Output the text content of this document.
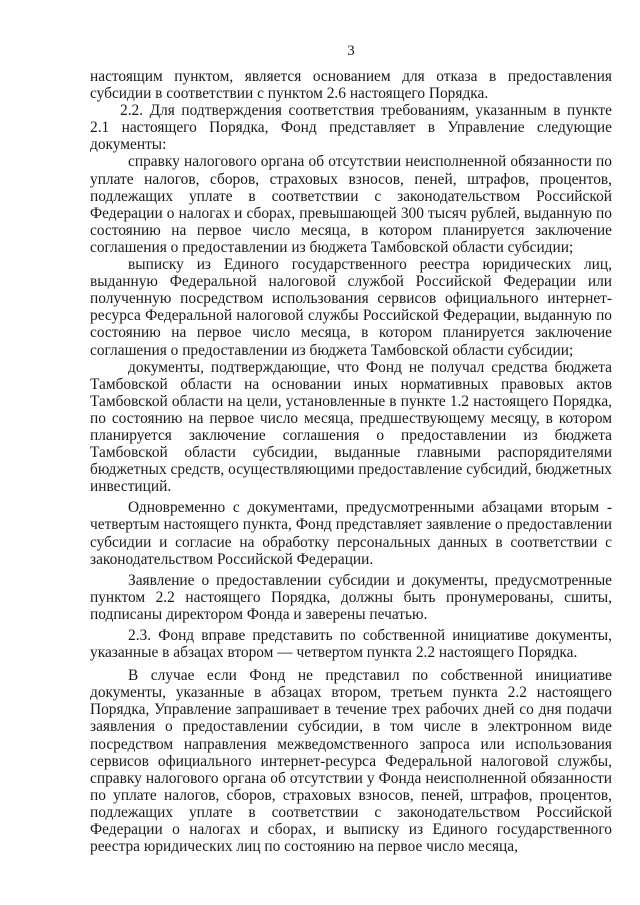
3

настоящим пунктом, является основанием для отказа в предоставления субсидии в соответствии с пунктом 2.6 настоящего Порядка.

2.2. Для подтверждения соответствия требованиям, указанным в пункте 2.1 настоящего Порядка, Фонд представляет в Управление следующие документы:

справку налогового органа об отсутствии неисполненной обязанности по уплате налогов, сборов, страховых взносов, пеней, штрафов, процентов, подлежащих уплате в соответствии с законодательством Российской Федерации о налогах и сборах, превышающей 300 тысяч рублей, выданную по состоянию на первое число месяца, в котором планируется заключение соглашения о предоставлении из бюджета Тамбовской области субсидии;

выписку из Единого государственного реестра юридических лиц, выданную Федеральной налоговой службой Российской Федерации или полученную посредством использования сервисов официального интернет-ресурса Федеральной налоговой службы Российской Федерации, выданную по состоянию на первое число месяца, в котором планируется заключение соглашения о предоставлении из бюджета Тамбовской области субсидии;

документы, подтверждающие, что Фонд не получал средства бюджета Тамбовской области на основании иных нормативных правовых актов Тамбовской области на цели, установленные в пункте 1.2 настоящего Порядка, по состоянию на первое число месяца, предшествующему месяцу, в котором планируется заключение соглашения о предоставлении из бюджета Тамбовской области субсидии, выданные главными распорядителями бюджетных средств, осуществляющими предоставление субсидий, бюджетных инвестиций.

Одновременно с документами, предусмотренными абзацами вторым - четвертым настоящего пункта, Фонд представляет заявление о предоставлении субсидии и согласие на обработку персональных данных в соответствии с законодательством Российской Федерации.

Заявление о предоставлении субсидии и документы, предусмотренные пунктом 2.2 настоящего Порядка, должны быть пронумерованы, сшиты, подписаны директором Фонда и заверены печатью.

2.3. Фонд вправе представить по собственной инициативе документы, указанные в абзацах втором — четвертом пункта 2.2 настоящего Порядка.

В случае если Фонд не представил по собственной инициативе документы, указанные в абзацах втором, третьем пункта 2.2 настоящего Порядка, Управление запрашивает в течение трех рабочих дней со дня подачи заявления о предоставлении субсидии, в том числе в электронном виде посредством направления межведомственного запроса или использования сервисов официального интернет-ресурса Федеральной налоговой службы, справку налогового органа об отсутствии у Фонда неисполненной обязанности по уплате налогов, сборов, страховых взносов, пеней, штрафов, процентов, подлежащих уплате в соответствии с законодательством Российской Федерации о налогах и сборах, и выписку из Единого государственного реестра юридических лиц по состоянию на первое число месяца,
